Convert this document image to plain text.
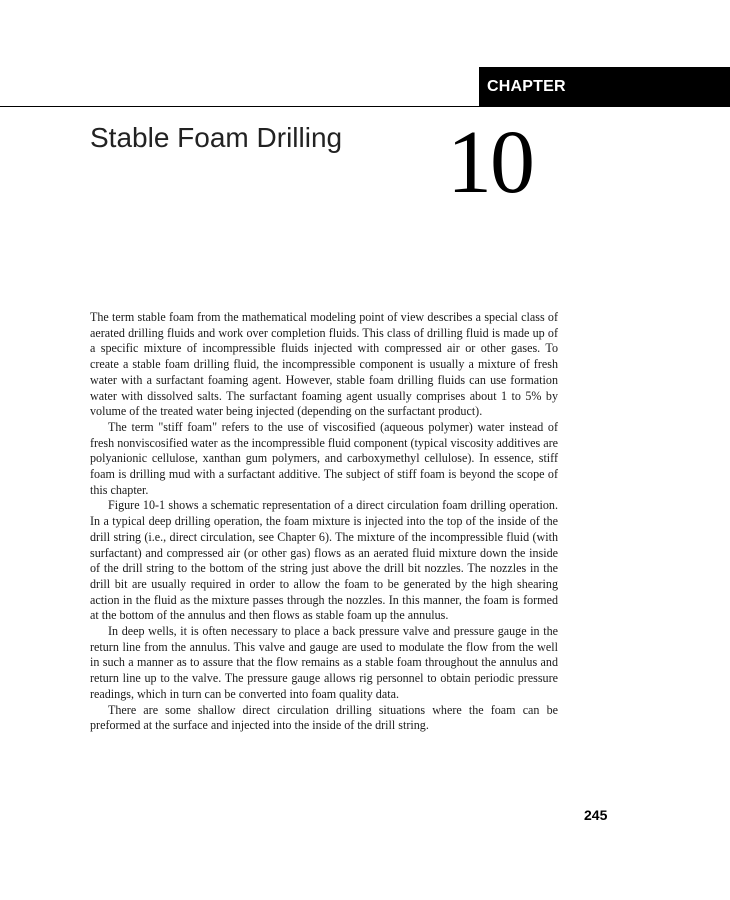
CHAPTER
Stable Foam Drilling 10

The term stable foam from the mathematical modeling point of view describes a special class of aerated drilling fluids and work over completion fluids. This class of drilling fluid is made up of a specific mixture of incompressible fluids injected with compressed air or other gases. To create a stable foam drilling fluid, the incompressible component is usually a mixture of fresh water with a surfactant foaming agent. However, stable foam drilling fluids can use formation water with dissolved salts. The surfactant foaming agent usually comprises about 1 to 5% by volume of the treated water being injected (depending on the surfactant product).

The term "stiff foam" refers to the use of viscosified (aqueous polymer) water instead of fresh nonviscosified water as the incompressible fluid component (typical viscosity additives are polyanionic cellulose, xanthan gum polymers, and carboxymethyl cellulose). In essence, stiff foam is drilling mud with a surfactant additive. The subject of stiff foam is beyond the scope of this chapter.

Figure 10-1 shows a schematic representation of a direct circulation foam drilling operation. In a typical deep drilling operation, the foam mixture is injected into the top of the inside of the drill string (i.e., direct circulation, see Chapter 6). The mixture of the incompressible fluid (with surfactant) and compressed air (or other gas) flows as an aerated fluid mixture down the inside of the drill string to the bottom of the string just above the drill bit nozzles. The nozzles in the drill bit are usually required in order to allow the foam to be generated by the high shearing action in the fluid as the mixture passes through the nozzles. In this manner, the foam is formed at the bottom of the annulus and then flows as stable foam up the annulus.

In deep wells, it is often necessary to place a back pressure valve and pressure gauge in the return line from the annulus. This valve and gauge are used to modulate the flow from the well in such a manner as to assure that the flow remains as a stable foam throughout the annulus and return line up to the valve. The pressure gauge allows rig personnel to obtain periodic pressure readings, which in turn can be converted into foam quality data.

There are some shallow direct circulation drilling situations where the foam can be preformed at the surface and injected into the inside of the drill string.

245
